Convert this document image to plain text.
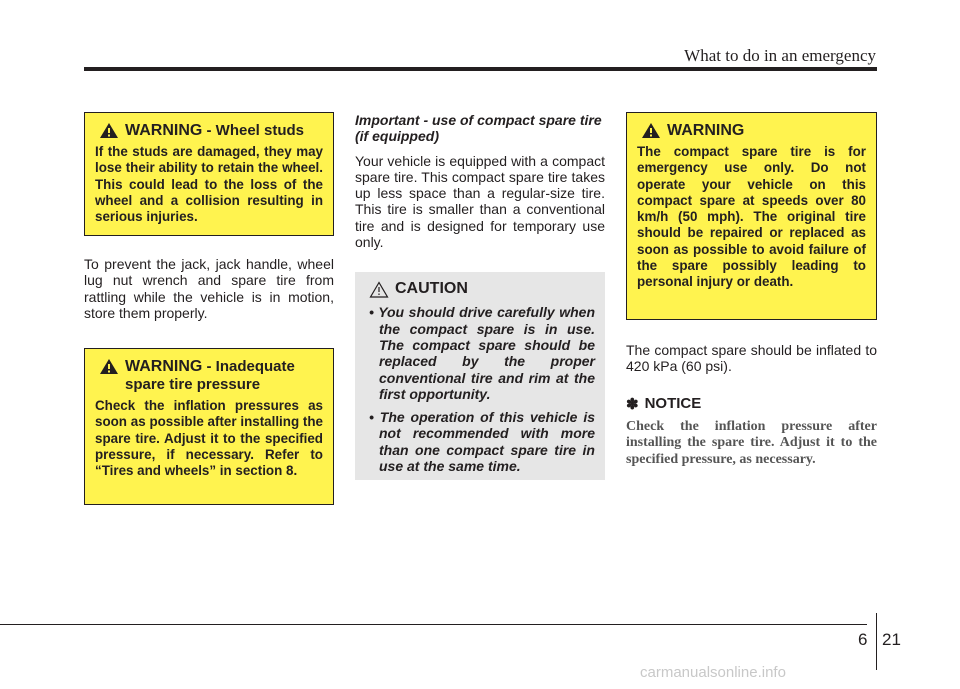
What to do in an emergency
WARNING - Wheel studs
If the studs are damaged, they may lose their ability to retain the wheel. This could lead to the loss of the wheel and a collision resulting in serious injuries.
To prevent the jack, jack handle, wheel lug nut wrench and spare tire from rattling while the vehicle is in motion, store them properly.
WARNING - Inadequate spare tire pressure
Check the inflation pressures as soon as possible after installing the spare tire. Adjust it to the specified pressure, if necessary. Refer to “Tires and wheels” in section 8.
Important - use of compact spare tire (if equipped)
Your vehicle is equipped with a compact spare tire. This compact spare tire takes up less space than a regular-size tire. This tire is smaller than a conventional tire and is designed for temporary use only.
CAUTION
• You should drive carefully when the compact spare is in use. The compact spare should be replaced by the proper conventional tire and rim at the first opportunity.
• The operation of this vehicle is not recommended with more than one compact spare tire in use at the same time.
WARNING
The compact spare tire is for emergency use only. Do not operate your vehicle on this compact spare at speeds over 80 km/h (50 mph). The original tire should be repaired or replaced as soon as possible to avoid failure of the spare possibly leading to personal injury or death.
The compact spare should be inflated to 420 kPa (60 psi).
✽ NOTICE
Check the inflation pressure after installing the spare tire. Adjust it to the specified pressure, as necessary.
6 21
carmanualsonline.info
